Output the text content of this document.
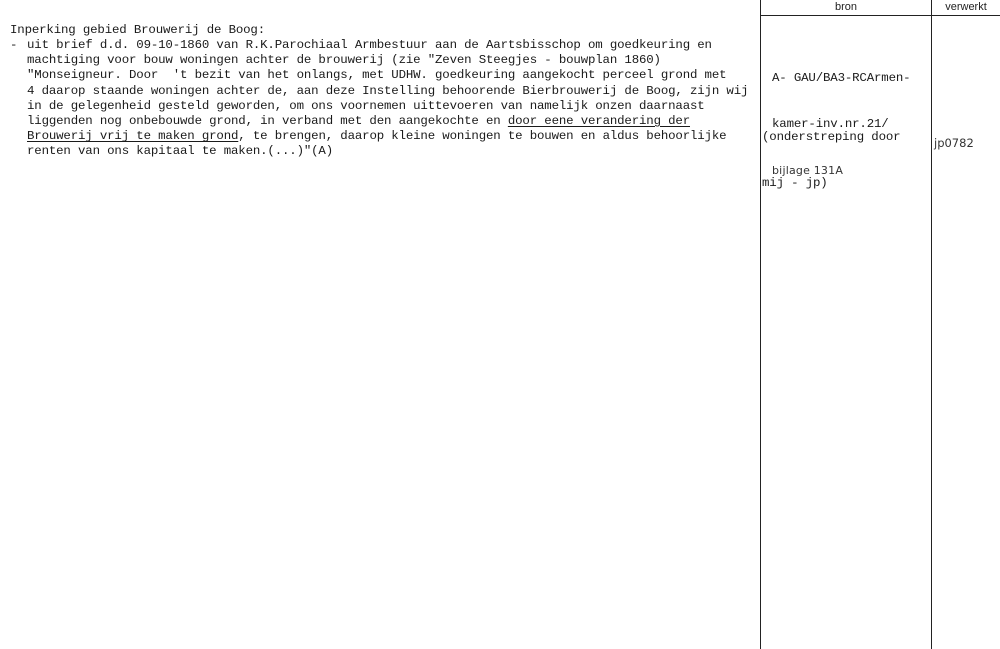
Inperking gebied Brouwerij de Boog:
- uit brief d.d. 09-10-1860 van R.K.Parochiaal Armbestuur aan de Aartsbisschop om goedkeuring en
machtiging voor bouw woningen achter de brouwerij (zie "Zeven Steegjes - bouwplan 1860)
"Monseigneur. Door  't bezit van het onlangs, met UDHW. goedkeuring aangekocht perceel grond met
4 daarop staande woningen achter de, aan deze Instelling behoorende Bierbrouwerij de Boog, zijn wij
in de gelegenheid gesteld geworden, om ons voornemen uittevoeren van namelijk onzen daarnaast
liggenden nog onbebouwde grond, in verband met den aangekochte en door eene verandering der
Brouwerij vrij te maken grond, te brengen, daarop kleine woningen te bouwen en aldus behoorlijke
renten van ons kapitaal te maken.(...)"(A)
bron	verwerkt

A- GAU/BA3-RCArmen-

kamer-inv.nr.21/

bijlage 131A

(onderstreping door

mij - jp)

jp0782
